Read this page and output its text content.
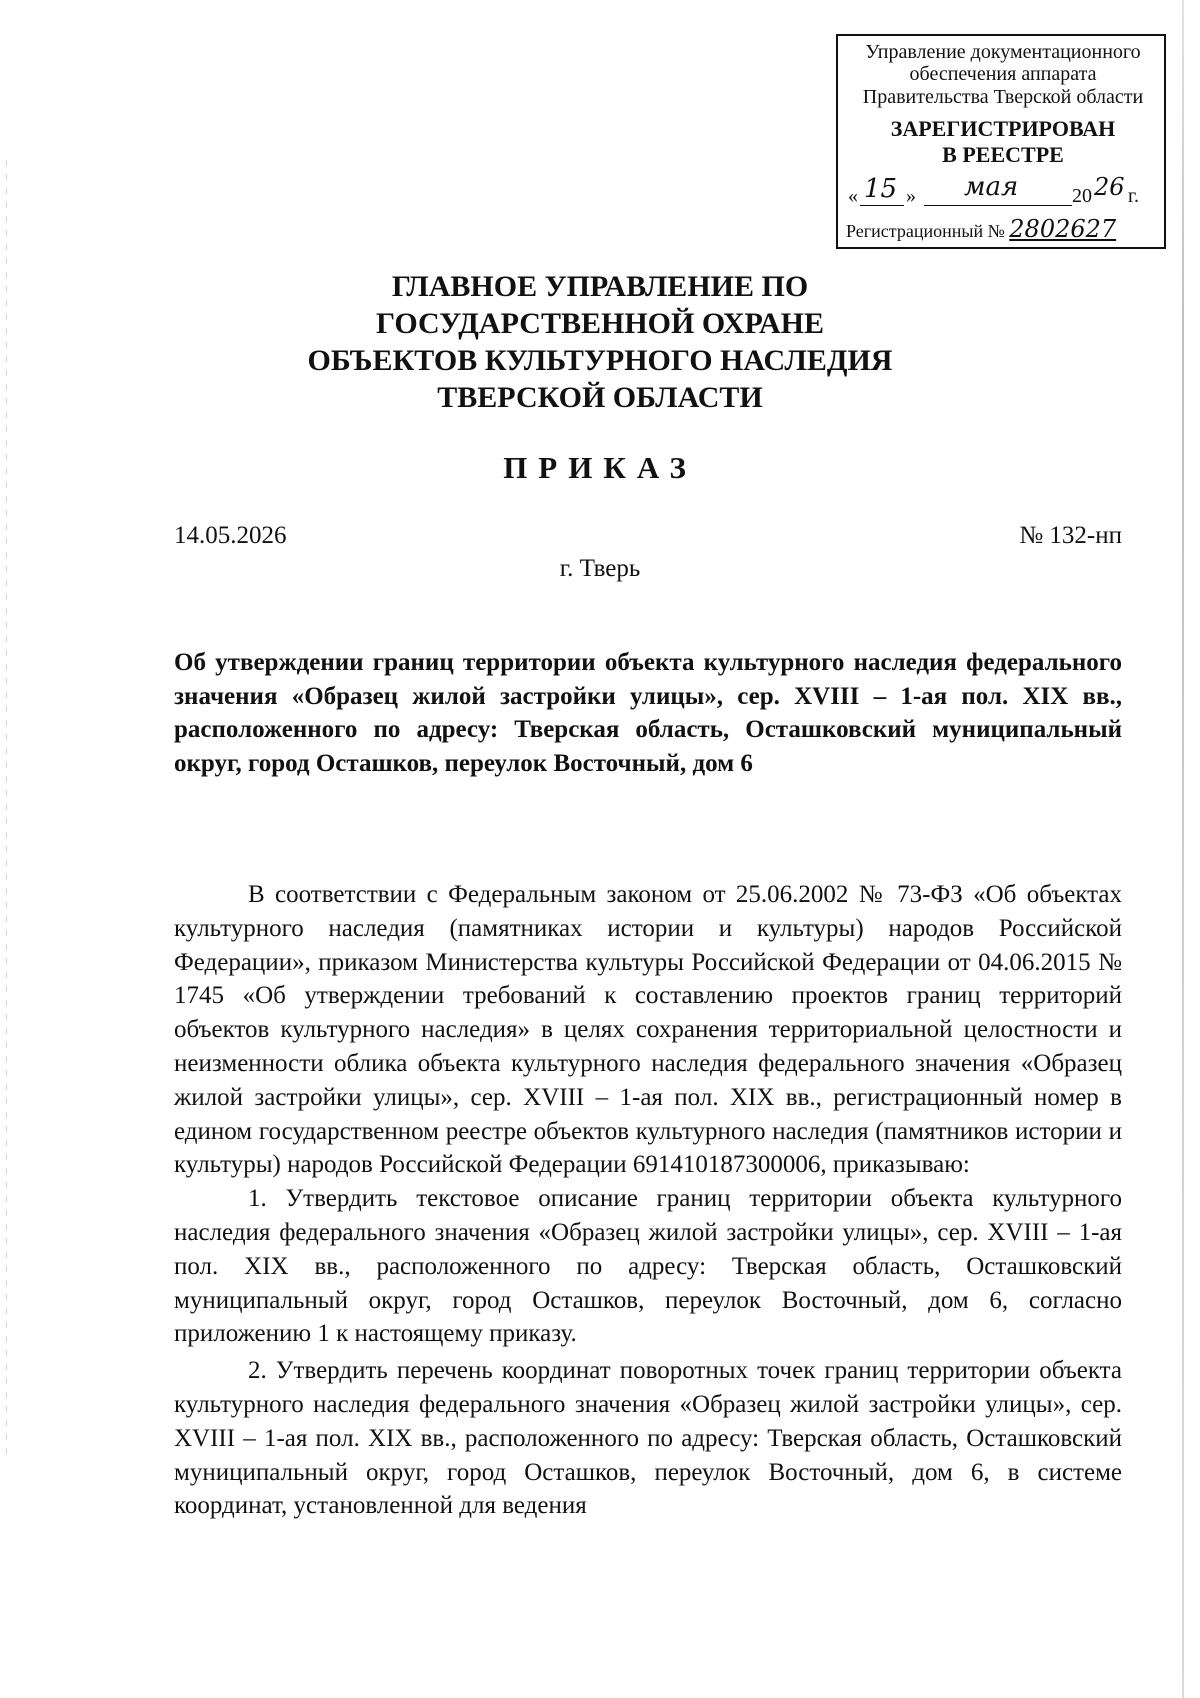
Управление документационного
обеспечения аппарата
Правительства Тверской области
ЗАРЕГИСТРИРОВАН
В РЕЕСТРЕ
« 15 » мая	20 26 г.
Регистрационный № 2802627
ГЛАВНОЕ УПРАВЛЕНИЕ ПО
ГОСУДАРСТВЕННОЙ ОХРАНЕ
ОБЪЕКТОВ КУЛЬТУРНОГО НАСЛЕДИЯ
ТВЕРСКОЙ ОБЛАСТИ
ПРИКАЗ
14.05.2026	№ 132-нп
г. Тверь
Об утверждении границ территории объекта культурного наследия федерального значения «Образец жилой застройки улицы», сер. XVIII – 1-ая пол. XIX вв., расположенного по адресу: Тверская область, Осташковский муниципальный округ, город Осташков, переулок Восточный, дом 6

В соответствии с Федеральным законом от 25.06.2002 № 73-ФЗ «Об объектах культурного наследия (памятниках истории и культуры) народов Российской Федерации», приказом Министерства культуры Российской Федерации от 04.06.2015 № 1745 «Об утверждении требований к составлению проектов границ территорий объектов культурного наследия» в целях сохранения территориальной целостности и неизменности облика объекта культурного наследия федерального значения «Образец жилой застройки улицы», сер. XVIII – 1-ая пол. XIX вв., регистрационный номер в едином государственном реестре объектов культурного наследия (памятников истории и культуры) народов Российской Федерации 691410187300006, приказываю:

1. Утвердить текстовое описание границ территории объекта культурного наследия федерального значения «Образец жилой застройки улицы», сер. XVIII – 1-ая пол. XIX вв., расположенного по адресу: Тверская область, Осташковский муниципальный округ, город Осташков, переулок Восточный, дом 6, согласно приложению 1 к настоящему приказу.

2. Утвердить перечень координат поворотных точек границ территории объекта культурного наследия федерального значения «Образец жилой застройки улицы», сер. XVIII – 1-ая пол. XIX вв., расположенного по адресу: Тверская область, Осташковский муниципальный округ, город Осташков, переулок Восточный, дом 6, в системе координат, установленной для ведения
